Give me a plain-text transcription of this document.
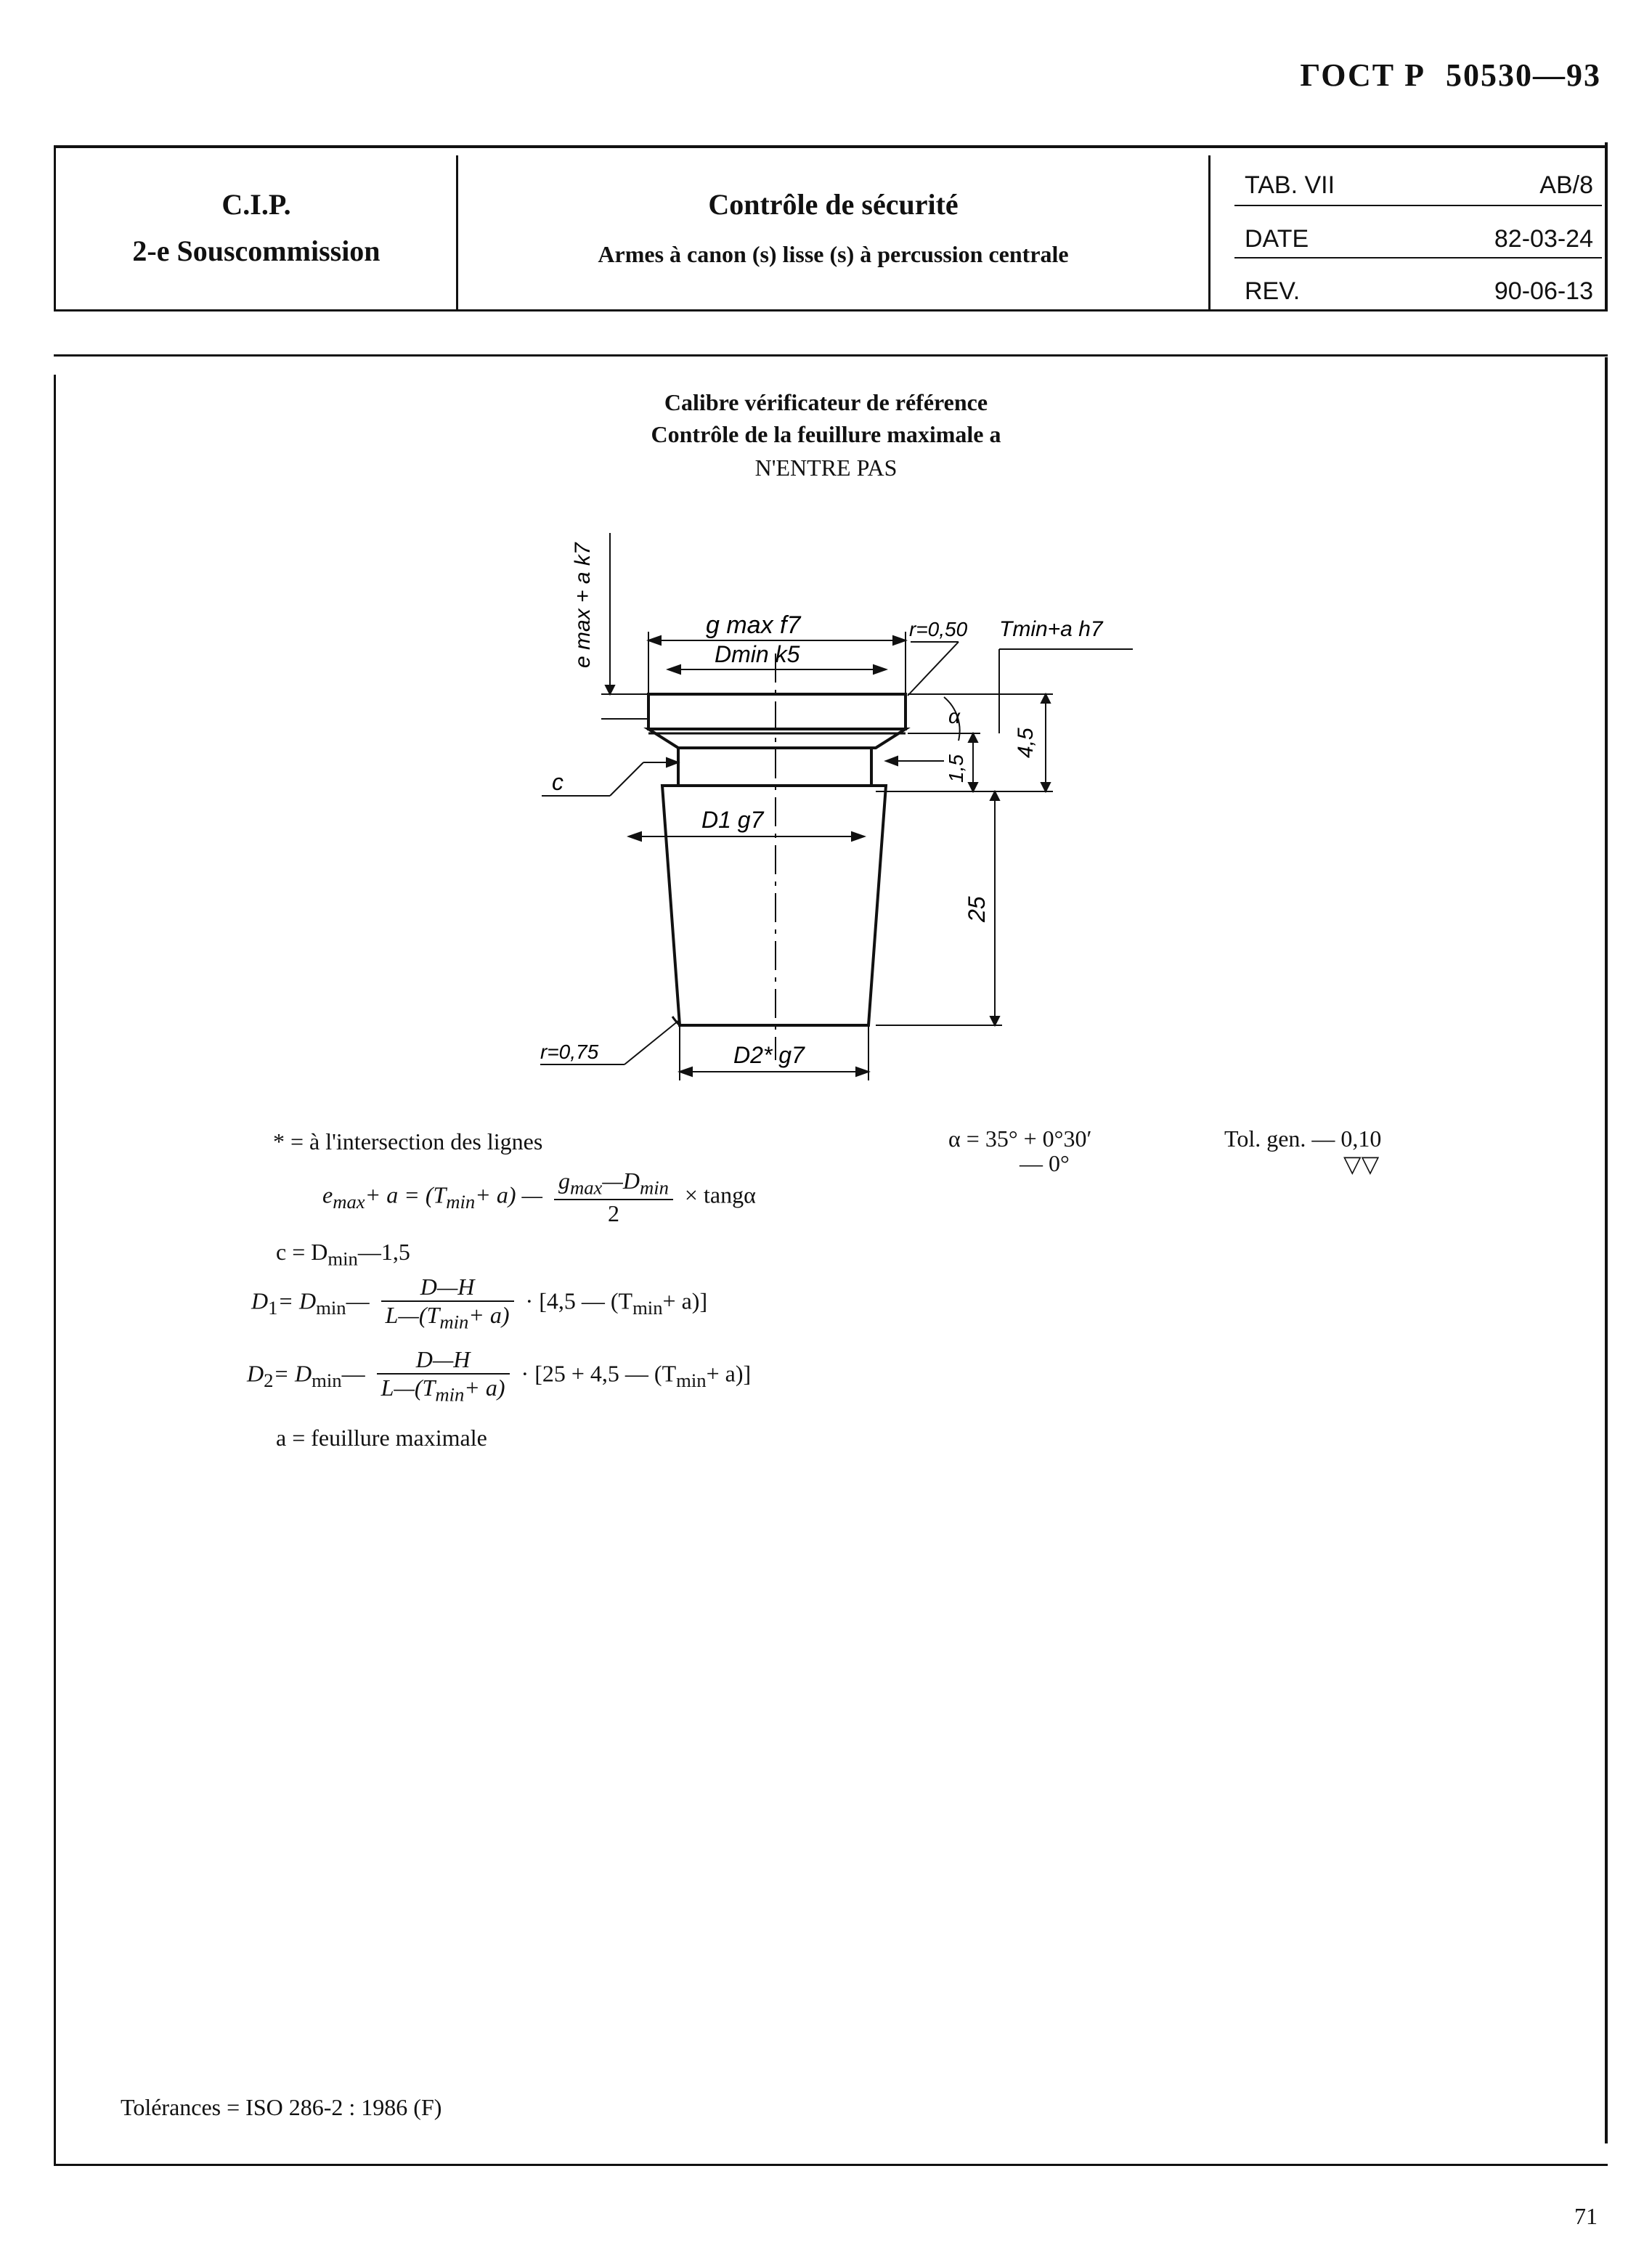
ГОСТ Р 50530—93
C.I.P.
2-e Souscommission
Contrôle de sécurité
Armes à canon (s) lisse (s) à percussion centrale
TAB. VII	AB/8
DATE	82-03-24
REV.	90-06-13
Calibre vérificateur de référence
Contrôle de la feuillure maximale a
N'ENTRE PAS
e max + a k7	g max f7	r=0,50 Tmin+a h7
Dmin k5
c
D1 g7
r=0,75	D2* g7
α
4,5
1,5
25
* = à l'intersection des lignes
$e_{max}+ a = (T_{min}+ a)$ — $\frac{g_{max}—D_{min}}{2} \times \tan g\alpha$
$c = D_{min}—1,5$
$D_1=$ $D_{min}— \frac{D—H}{L—(T_{min}+ a)} \cdot [4,5$ — $(T_{min}+ a)$]
$D_2=$ $D_{min}— \frac{D—H}{L—(T_{min}+ a)} \cdot [25 + 4,5$ — $(T_{min}+ a)$]
a = feuillure maximale
α = 35° + 0°30′
— 0°
Tol. gen. — 0,10
▽▽
Tolérances = ISO 286-2 : 1986 (F)
71
